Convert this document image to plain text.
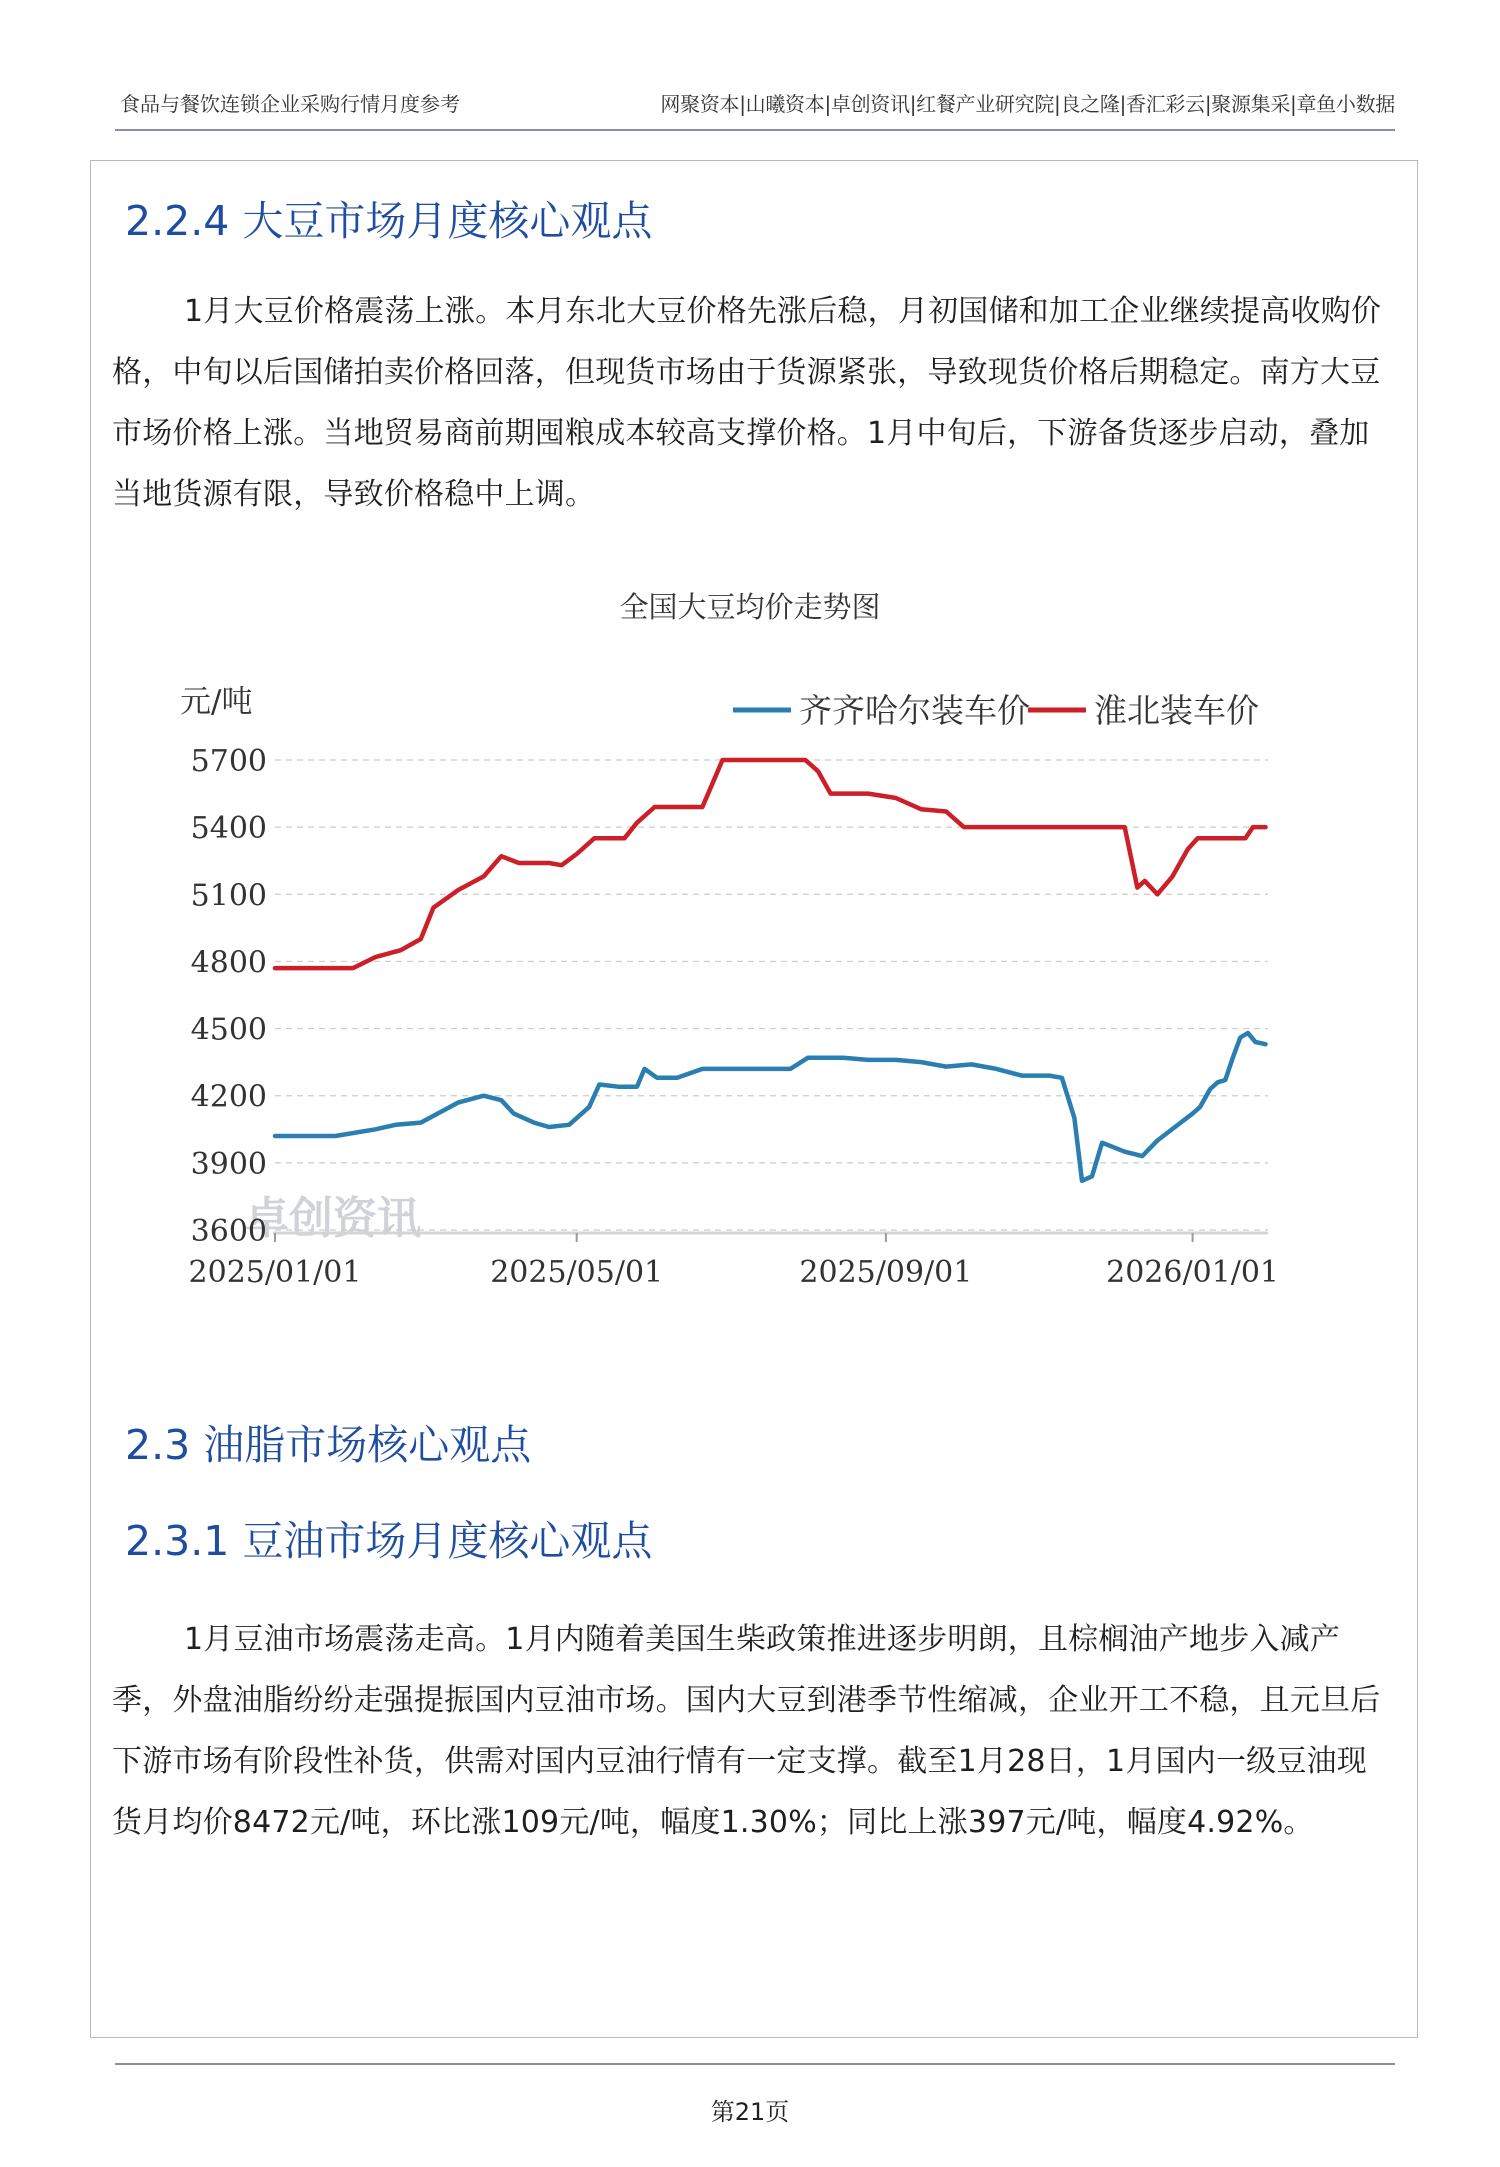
食品与餐饮连锁企业采购行情月度参考	网聚资本|山曦资本|卓创资讯|红餐产业研究院|良之隆|香汇彩云|聚源集采|章鱼小数据
2.2.4 大豆市场月度核心观点

1月大豆价格震荡上涨。本月东北大豆价格先涨后稳，月初国储和加工企业继续提高收购价格，中旬以后国储拍卖价格回落，但现货市场由于货源紧张，导致现货价格后期稳定。南方大豆市场价格上涨。当地贸易商前期囤粮成本较高支撑价格。1月中旬后，下游备货逐步启动，叠加当地货源有限，导致价格稳中上调。

全国大豆均价走势图
卓创资讯
5700
5400
5100
4800
4500
4200
3900
3600
2025/01/01	2025/05/01	2025/09/01	2026/01/01
元/吨	齐齐哈尔装车价 淮北装车价
2.3 油脂市场核心观点
2.3.1 豆油市场月度核心观点

1月豆油市场震荡走高。1月内随着美国生柴政策推进逐步明朗，且棕榈油产地步入减产季，外盘油脂纷纷走强提振国内豆油市场。国内大豆到港季节性缩减，企业开工不稳，且元旦后下游市场有阶段性补货，供需对国内豆油行情有一定支撑。截至1月28日，1月国内一级豆油现货月均价8472元/吨，环比涨109元/吨，幅度1.30%；同比上涨397元/吨，幅度4.92%。

第21页
